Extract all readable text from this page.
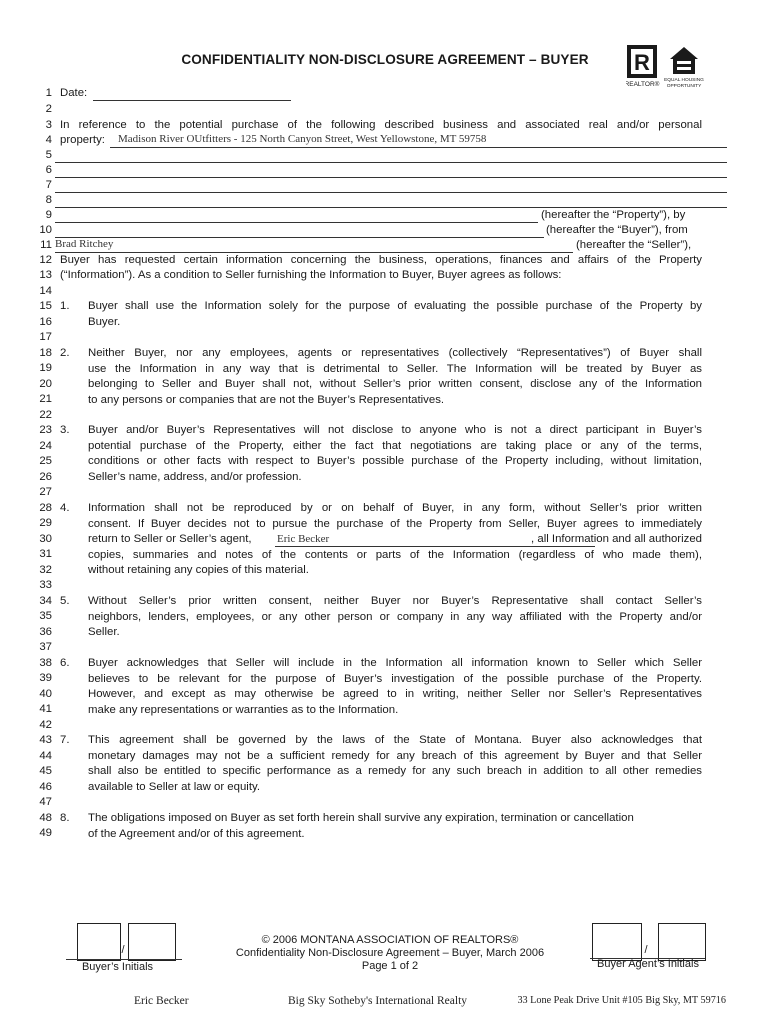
CONFIDENTIALITY NON-DISCLOSURE AGREEMENT – BUYER	R
REALTOR®
EQUAL HOUSING
OPPORTUNITY
1
2
3
4
5
6
7
8
9
10
11
12
13
14
15
16
17
18
19
20
21
22
23
24
25
26
27
28
29
30
31
32
33
34
35
36
37
38
39
40
41
42
43
44
45
46
47
48
49
Date:
In reference to the potential purchase of the following described business and associated real and/or personal
property: Madison River OUtfitters - 125 North Canyon Street, West Yellowstone, MT 59758
(hereafter the “Property”), by
(hereafter the “Buyer”), from
Brad Ritchey	(hereafter the “Seller”),
Buyer has requested certain information concerning the business, operations, finances and affairs of the Property
(“Information”). As a condition to Seller furnishing the Information to Buyer, Buyer agrees as follows:
1. Buyer shall use the Information solely for the purpose of evaluating the possible purchase of the Property by
Buyer.
2. Neither Buyer, nor any employees, agents or representatives (collectively “Representatives”) of Buyer shall
use the Information in any way that is detrimental to Seller. The Information will be treated by Buyer as
belonging to Seller and Buyer shall not, without Seller’s prior written consent, disclose any of the Information
to any persons or companies that are not the Buyer’s Representatives.
3. Buyer and/or Buyer’s Representatives will not disclose to anyone who is not a direct participant in Buyer’s
potential purchase of the Property, either the fact that negotiations are taking place or any of the terms,
conditions or other facts with respect to Buyer’s possible purchase of the Property including, without limitation,
Seller’s name, address, and/or profession.
4. Information shall not be reproduced by or on behalf of Buyer, in any form, without Seller’s prior written
consent. If Buyer decides not to pursue the purchase of the Property from Seller, Buyer agrees to immediately
return to Seller or Seller’s agent, Eric Becker	, all Information and all authorized
copies, summaries and notes of the contents or parts of the Information (regardless of who made them),
without retaining any copies of this material.
5. Without Seller’s prior written consent, neither Buyer nor Buyer’s Representative shall contact Seller’s
neighbors, lenders, employees, or any other person or company in any way affiliated with the Property and/or
Seller.
6. Buyer acknowledges that Seller will include in the Information all information known to Seller which Seller
believes to be relevant for the purpose of Buyer’s investigation of the possible purchase of the Property.
However, and except as may otherwise be agreed to in writing, neither Seller nor Seller’s Representatives
make any representations or warranties as to the Information.
7. This agreement shall be governed by the laws of the State of Montana. Buyer also acknowledges that
monetary damages may not be a sufficient remedy for any breach of this agreement by Buyer and that Seller
shall also be entitled to specific performance as a remedy for any such breach in addition to all other remedies
available to Seller at law or equity.
8. The obligations imposed on Buyer as set forth herein shall survive any expiration, termination or cancellation
of the Agreement and/or of this agreement.
/
Buyer’s Initials
© 2006 MONTANA ASSOCIATION OF REALTORS®
Confidentiality Non-Disclosure Agreement – Buyer, March 2006
Page 1 of 2
/
Buyer Agent’s Initials
Eric Becker	Big Sky Sotheby's International Realty	33 Lone Peak Drive Unit #105 Big Sky, MT 59716
